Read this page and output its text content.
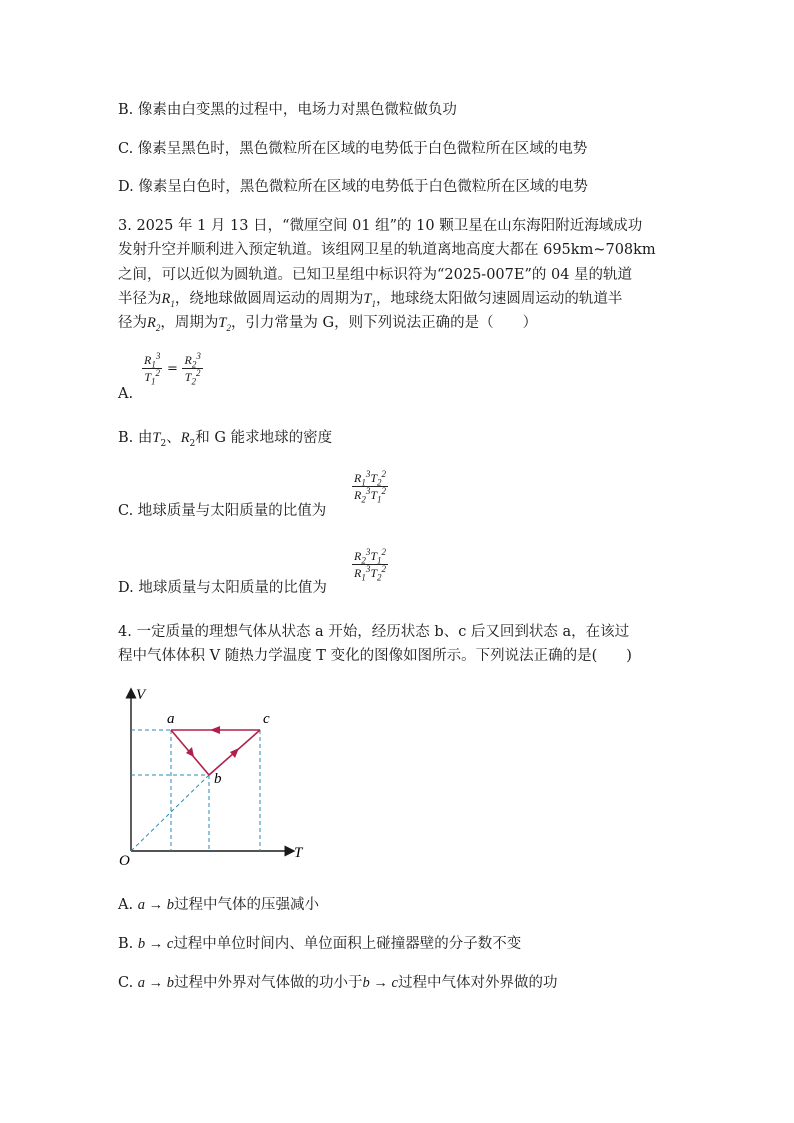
B. 像素由白变黑的过程中，电场力对黑色微粒做负功
C. 像素呈黑色时，黑色微粒所在区域的电势低于白色微粒所在区域的电势
D. 像素呈白色时，黑色微粒所在区域的电势低于白色微粒所在区域的电势
3. 2025 年 1 月 13 日，“微厘空间 01 组”的 10 颗卫星在山东海阳附近海域成功
发射升空并顺利进入预定轨道。该组网卫星的轨道离地高度大都在 695km~708km
之间，可以近似为圆轨道。已知卫星组中标识符为“2025-007E”的 04 星的轨道
半径为$R_1$，绕地球做圆周运动的周期为$T_1$，地球绕太阳做匀速圆周运动的轨道半
径为$R_2$，周期为$T_2$，引力常量为 G，则下列说法正确的是（　　）
A.
$\frac{R_1^3}{T_1^2} = \frac{R_2^3}{T_2^2}$
B. 由$T_2$、$R_2$和 G 能求地球的密度
C. 地球质量与太阳质量的比值为
$\frac{R_1^3T_2^2}{R_2^3T_1^2}$
D. 地球质量与太阳质量的比值为
$\frac{R_2^3T_1^2}{R_1^3T_2^2}$
4. 一定质量的理想气体从状态 a 开始，经历状态 b、c 后又回到状态 a，在该过
程中气体体积 V 随热力学温度 T 变化的图像如图所示。下列说法正确的是(　　)
V
T
O
a
b
c
A. a → b过程中气体的压强减小
B. b → c过程中单位时间内、单位面积上碰撞器壁的分子数不变
C. a → b过程中外界对气体做的功小于b → c过程中气体对外界做的功
